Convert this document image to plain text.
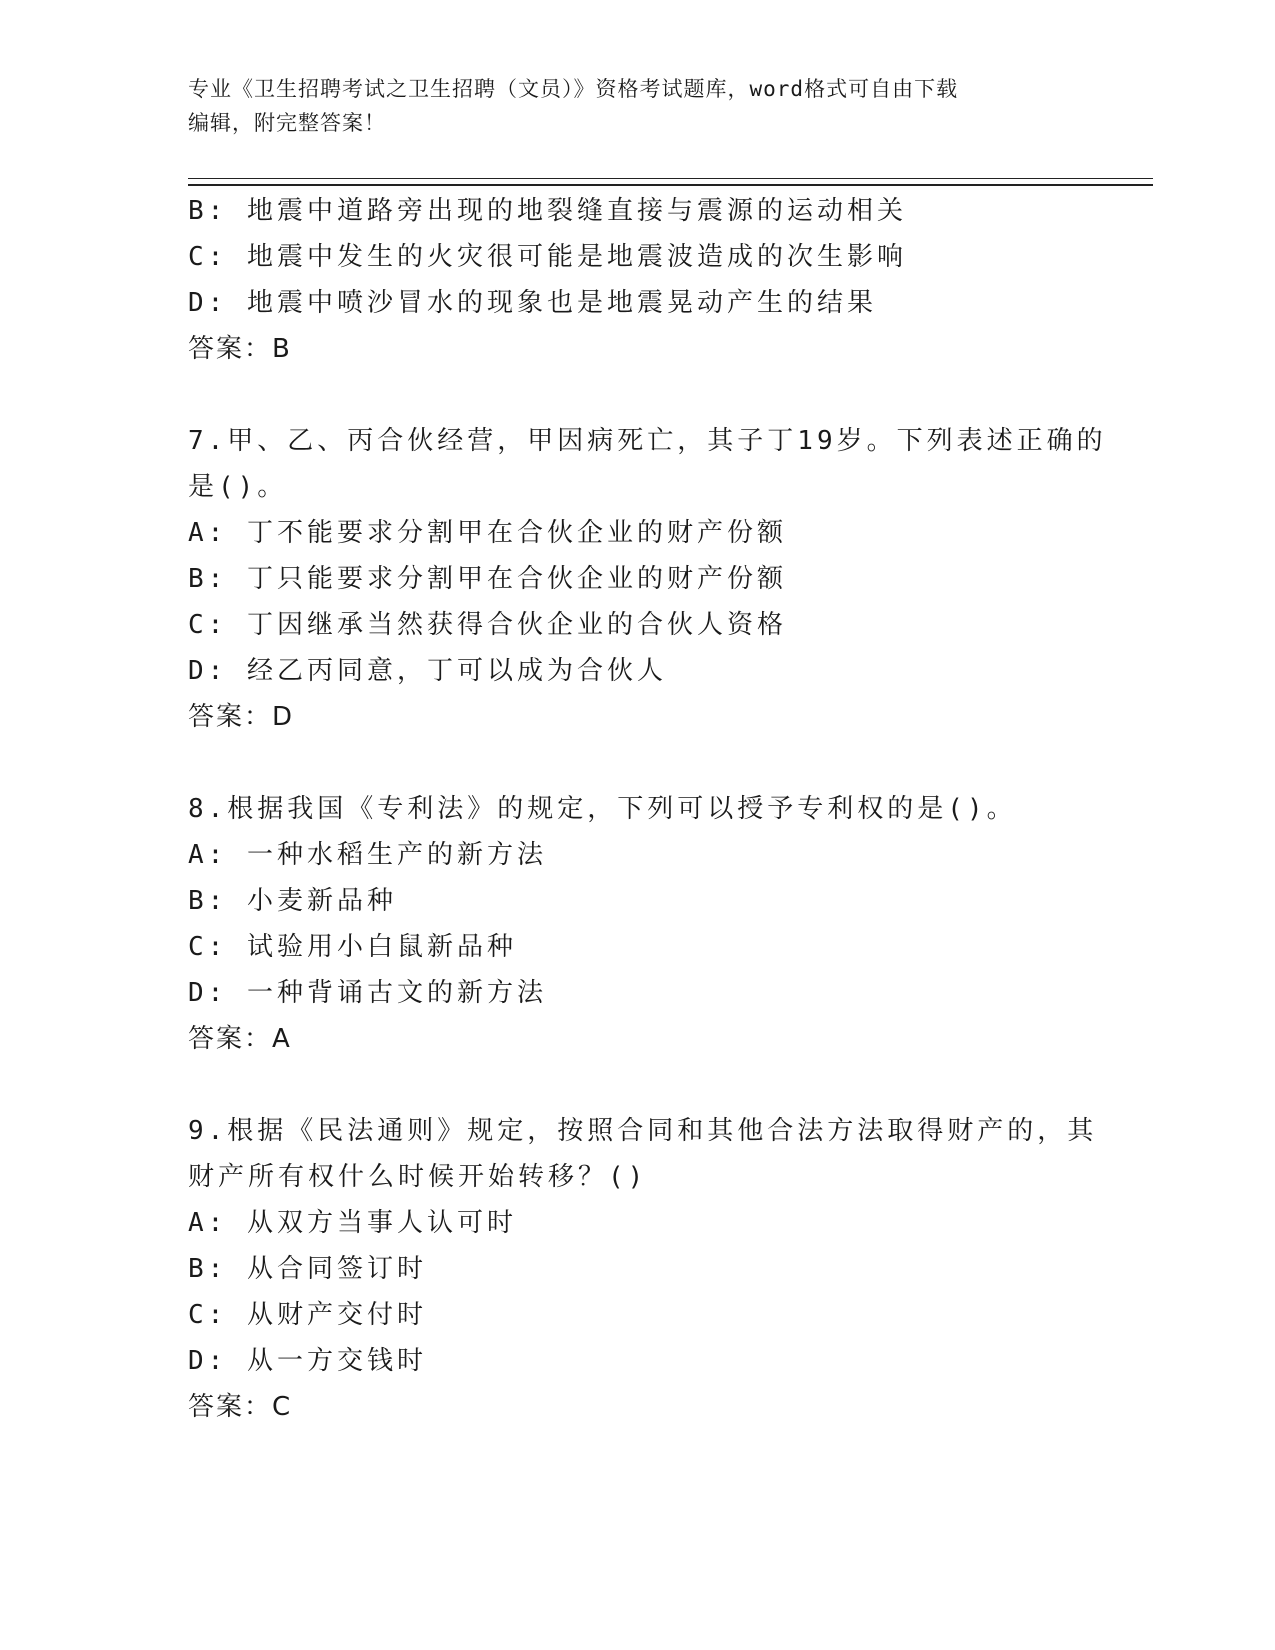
专业《卫生招聘考试之卫生招聘（文员）》资格考试题库，word格式可自由下载
编辑，附完整答案！
B: 地震中道路旁出现的地裂缝直接与震源的运动相关
C: 地震中发生的火灾很可能是地震波造成的次生影响
D: 地震中喷沙冒水的现象也是地震晃动产生的结果
答案：B
7.甲、乙、丙合伙经营，甲因病死亡，其子丁19岁。下列表述正确的
是()。
A: 丁不能要求分割甲在合伙企业的财产份额
B: 丁只能要求分割甲在合伙企业的财产份额
C: 丁因继承当然获得合伙企业的合伙人资格
D: 经乙丙同意，丁可以成为合伙人
答案：D
8.根据我国《专利法》的规定，下列可以授予专利权的是()。
A: 一种水稻生产的新方法
B: 小麦新品种
C: 试验用小白鼠新品种
D: 一种背诵古文的新方法
答案：A
9.根据《民法通则》规定，按照合同和其他合法方法取得财产的，其
财产所有权什么时候开始转移？()
A: 从双方当事人认可时
B: 从合同签订时
C: 从财产交付时
D: 从一方交钱时
答案：C
